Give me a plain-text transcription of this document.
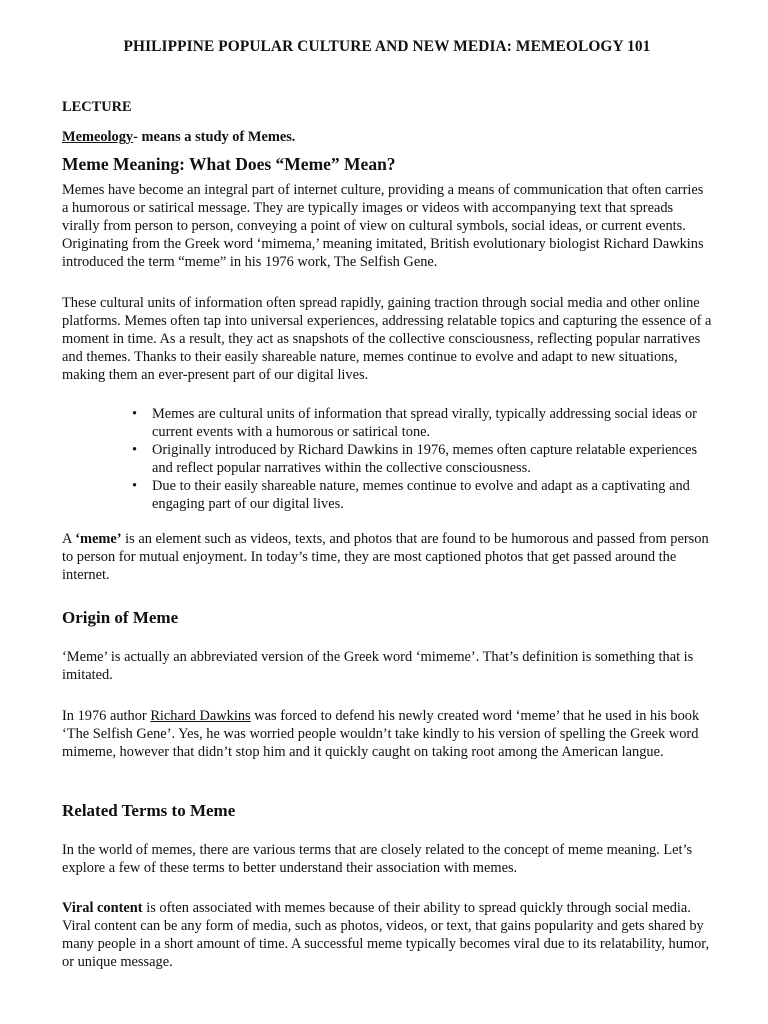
PHILIPPINE POPULAR CULTURE AND NEW MEDIA: MEMEOLOGY 101
LECTURE
Memeology- means a study of Memes.
Meme Meaning: What Does “Meme” Mean?

Memes have become an integral part of internet culture, providing a means of communication that often carries a humorous or satirical message. They are typically images or videos with accompanying text that spreads virally from person to person, conveying a point of view on cultural symbols, social ideas, or current events. Originating from the Greek word ‘mimema,’ meaning imitated, British evolutionary biologist Richard Dawkins introduced the term “meme” in his 1976 work, The Selfish Gene.

These cultural units of information often spread rapidly, gaining traction through social media and other online platforms. Memes often tap into universal experiences, addressing relatable topics and capturing the essence of a moment in time. As a result, they act as snapshots of the collective consciousness, reflecting popular narratives and themes. Thanks to their easily shareable nature, memes continue to evolve and adapt to new situations, making them an ever-present part of our digital lives.

• Memes are cultural units of information that spread virally, typically addressing social ideas or current events with a humorous or satirical tone.
• Originally introduced by Richard Dawkins in 1976, memes often capture relatable experiences and reflect popular narratives within the collective consciousness.
• Due to their easily shareable nature, memes continue to evolve and adapt as a captivating and engaging part of our digital lives.

A ‘meme’ is an element such as videos, texts, and photos that are found to be humorous and passed from person to person for mutual enjoyment. In today’s time, they are most captioned photos that get passed around the internet.

Origin of Meme

‘Meme’ is actually an abbreviated version of the Greek word ‘mimeme’. That’s definition is something that is imitated.

In 1976 author Richard Dawkins was forced to defend his newly created word ‘meme’ that he used in his book ‘The Selfish Gene’. Yes, he was worried people wouldn’t take kindly to his version of spelling the Greek word mimeme, however that didn’t stop him and it quickly caught on taking root among the American langue.

Related Terms to Meme

In the world of memes, there are various terms that are closely related to the concept of meme meaning. Let’s explore a few of these terms to better understand their association with memes.

Viral content is often associated with memes because of their ability to spread quickly through social media. Viral content can be any form of media, such as photos, videos, or text, that gains popularity and gets shared by many people in a short amount of time. A successful meme typically becomes viral due to its relatability, humor, or unique message.
